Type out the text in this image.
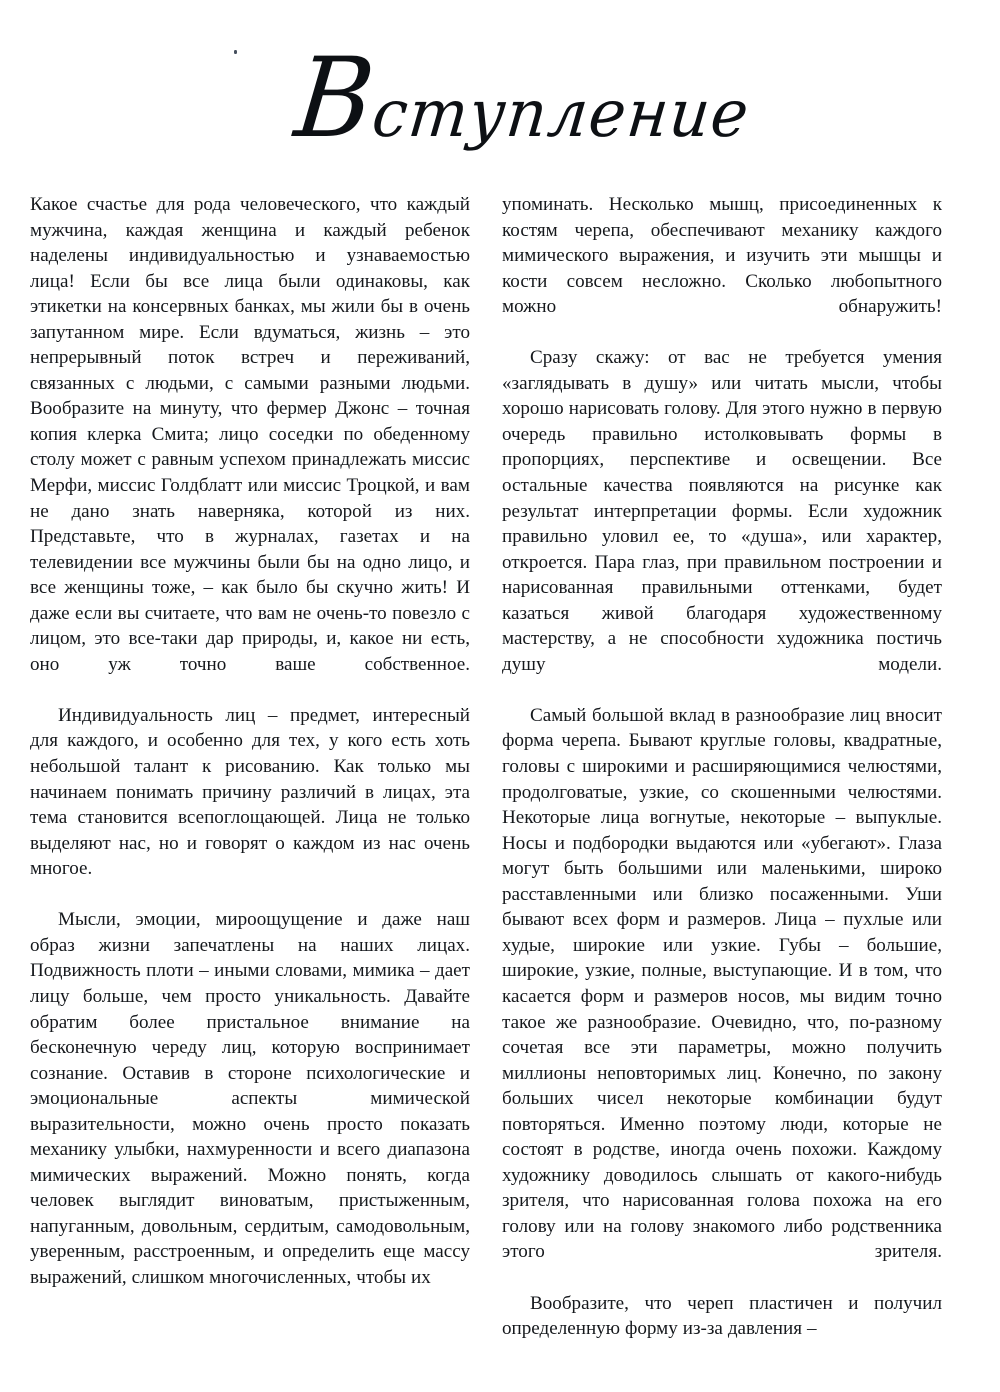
Вступление

Какое счастье для рода человеческого, что каждый мужчина, каждая женщина и каждый ребенок наделены индивидуальностью и узнаваемостью лица! Если бы все лица были одинаковы, как этикетки на консервных банках, мы жили бы в очень запутанном мире. Если вдуматься, жизнь – это непрерывный поток встреч и переживаний, связанных с людьми, с самыми разными людьми. Вообразите на минуту, что фермер Джонс – точная копия клерка Смита; лицо соседки по обеденному столу может с равным успехом принадлежать миссис Мерфи, миссис Голдблатт или миссис Троцкой, и вам не дано знать наверняка, которой из них. Представьте, что в журналах, газетах и на телевидении все мужчины были бы на одно лицо, и все женщины тоже, – как было бы скучно жить! И даже если вы считаете, что вам не очень-то повезло с лицом, это все-таки дар природы, и, какое ни есть, оно уж точно ваше собственное.

Индивидуальность лиц – предмет, интересный для каждого, и особенно для тех, у кого есть хоть небольшой талант к рисованию. Как только мы начинаем понимать причину различий в лицах, эта тема становится всепоглощающей. Лица не только выделяют нас, но и говорят о каждом из нас очень многое.

Мысли, эмоции, мироощущение и даже наш образ жизни запечатлены на наших лицах. Подвижность плоти – иными словами, мимика – дает лицу больше, чем просто уникальность. Давайте обратим более пристальное внимание на бесконечную череду лиц, которую воспринимает сознание. Оставив в стороне психологические и эмоциональные аспекты мимической выразительности, можно очень просто показать механику улыбки, нахмуренности и всего диапазона мимических выражений. Можно понять, когда человек выглядит виноватым, пристыженным, напуганным, довольным, сердитым, самодовольным, уверенным, расстроенным, и определить еще массу выражений, слишком многочисленных, чтобы их

упоминать. Несколько мышц, присоединенных к костям черепа, обеспечивают механику каждого мимического выражения, и изучить эти мышцы и кости совсем несложно. Сколько любопытного можно обнаружить!

Сразу скажу: от вас не требуется умения «заглядывать в душу» или читать мысли, чтобы хорошо нарисовать голову. Для этого нужно в первую очередь правильно истолковывать формы в пропорциях, перспективе и освещении. Все остальные качества появляются на рисунке как результат интерпретации формы. Если художник правильно уловил ее, то «душа», или характер, откроется. Пара глаз, при правильном построении и нарисованная правильными оттенками, будет казаться живой благодаря художественному мастерству, а не способности художника постичь душу модели.

Самый большой вклад в разнообразие лиц вносит форма черепа. Бывают круглые головы, квадратные, головы с широкими и расширяющимися челюстями, продолговатые, узкие, со скошенными челюстями. Некоторые лица вогнутые, некоторые – выпуклые. Носы и подбородки выдаются или «убегают». Глаза могут быть большими или маленькими, широко расставленными или близко посаженными. Уши бывают всех форм и размеров. Лица – пухлые или худые, широкие или узкие. Губы – большие, широкие, узкие, полные, выступающие. И в том, что касается форм и размеров носов, мы видим точно такое же разнообразие. Очевидно, что, по-разному сочетая все эти параметры, можно получить миллионы неповторимых лиц. Конечно, по закону больших чисел некоторые комбинации будут повторяться. Именно поэтому люди, которые не состоят в родстве, иногда очень похожи. Каждому художнику доводилось слышать от какого-нибудь зрителя, что нарисованная голова похожа на его голову или на голову знакомого либо родственника этого зрителя.

Вообразите, что череп пластичен и получил определенную форму из-за давления –
